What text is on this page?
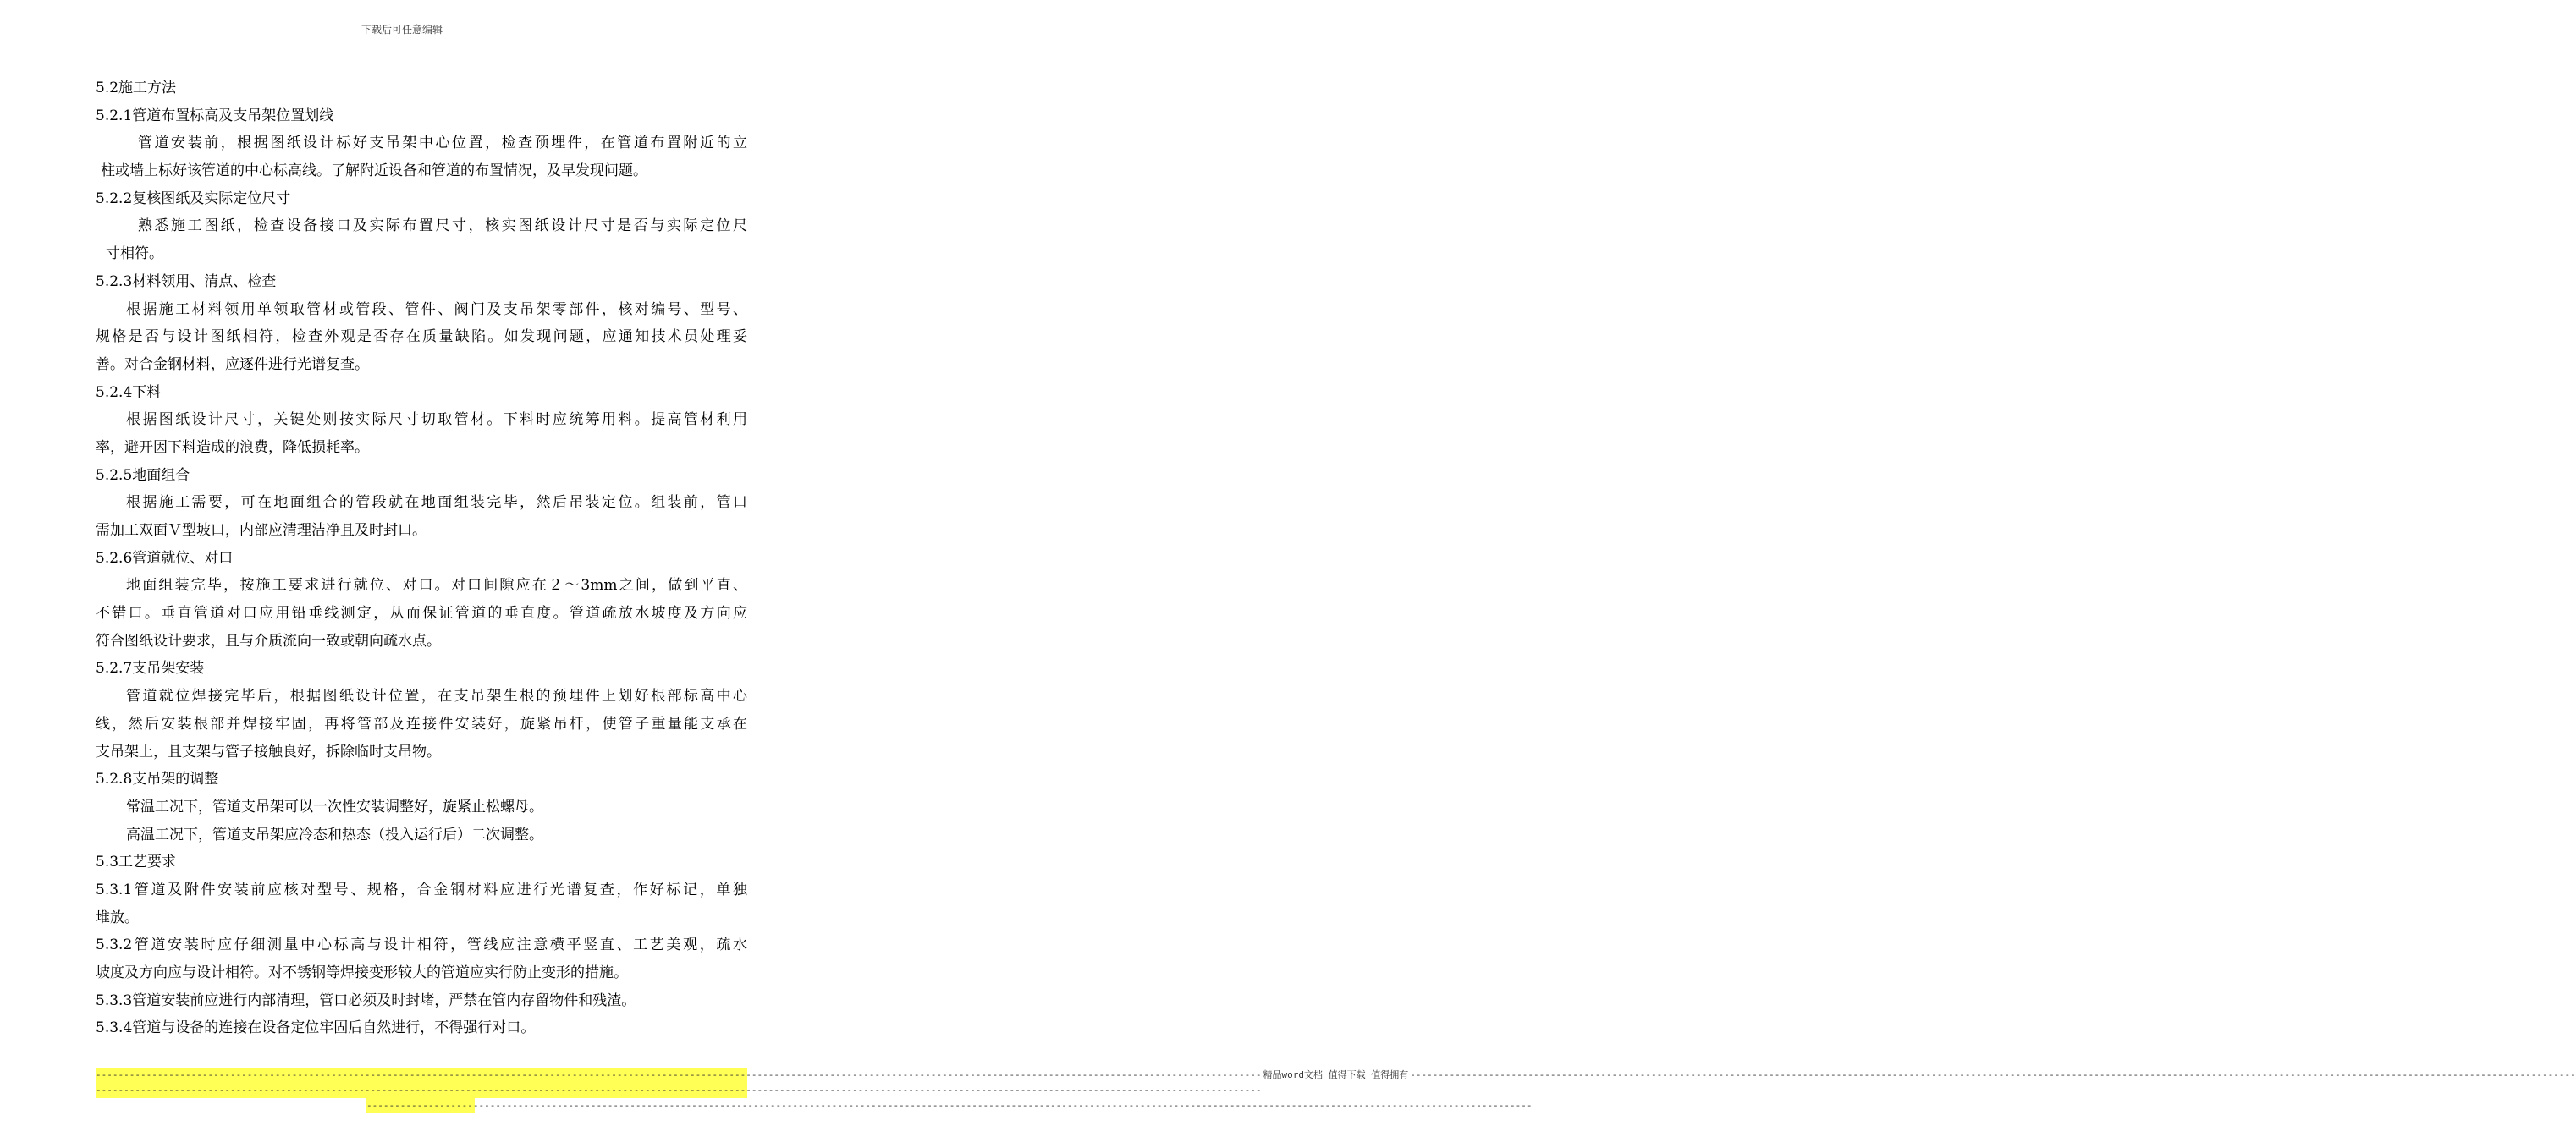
下载后可任意编辑
5.2施工方法
5.2.1管道布置标高及支吊架位置划线
管道安装前，根据图纸设计标好支吊架中心位置，检查预埋件，在管道布置附近的立
柱或墙上标好该管道的中心标高线。了解附近设备和管道的布置情况，及早发现问题。
5.2.2复核图纸及实际定位尺寸
熟悉施工图纸，检查设备接口及实际布置尺寸，核实图纸设计尺寸是否与实际定位尺
寸相符。
5.2.3材料领用、清点、检查
根据施工材料领用单领取管材或管段、管件、阀门及支吊架零部件，核对编号、型号、
规格是否与设计图纸相符，检查外观是否存在质量缺陷。如发现问题，应通知技术员处理妥
善。对合金钢材料，应逐件进行光谱复查。
5.2.4下料
根据图纸设计尺寸，关键处则按实际尺寸切取管材。下料时应统筹用料。提高管材利用
率，避开因下料造成的浪费，降低损耗率。
5.2.5地面组合
根据施工需要，可在地面组合的管段就在地面组装完毕，然后吊装定位。组装前，管口
需加工双面Ｖ型坡口，内部应清理洁净且及时封口。
5.2.6管道就位、对口
地面组装完毕，按施工要求进行就位、对口。对口间隙应在２～3mm之间，做到平直、
不错口。垂直管道对口应用铅垂线测定，从而保证管道的垂直度。管道疏放水坡度及方向应
符合图纸设计要求，且与介质流向一致或朝向疏水点。
5.2.7支吊架安装
管道就位焊接完毕后，根据图纸设计位置，在支吊架生根的预埋件上划好根部标高中心
线，然后安装根部并焊接牢固，再将管部及连接件安装好，旋紧吊杆，使管子重量能支承在
支吊架上，且支架与管子接触良好，拆除临时支吊物。
5.2.8支吊架的调整
常温工况下，管道支吊架可以一次性安装调整好，旋紧止松螺母。
高温工况下，管道支吊架应冷态和热态（投入运行后）二次调整。
5.3工艺要求
5.3.1管道及附件安装前应核对型号、规格，合金钢材料应进行光谱复查，作好标记，单独
堆放。
5.3.2管道安装时应仔细测量中心标高与设计相符，管线应注意横平竖直、工艺美观，疏水
坡度及方向应与设计相符。对不锈钢等焊接变形较大的管道应实行防止变形的措施。
5.3.3管道安装前应进行内部清理，管口必须及时封堵，严禁在管内存留物件和残渣。
5.3.4管道与设备的连接在设备定位牢固后自然进行，不得强行对口。
---------------------------------------------------------------------------------------------------------------------------------------------------------------------------------------------------------------- 精品word文档 值得下载 值得拥有 ----------------------------------------------------------------------------------------------------------------------------------------------------------------------------------------------------------------
----------------------------------------------------------------------------------------------------------------------------------------------------------------------------------------------------------------
----------------------------------------------------------------------------------------------------------------------------------------------------------------------------------------------------------------
